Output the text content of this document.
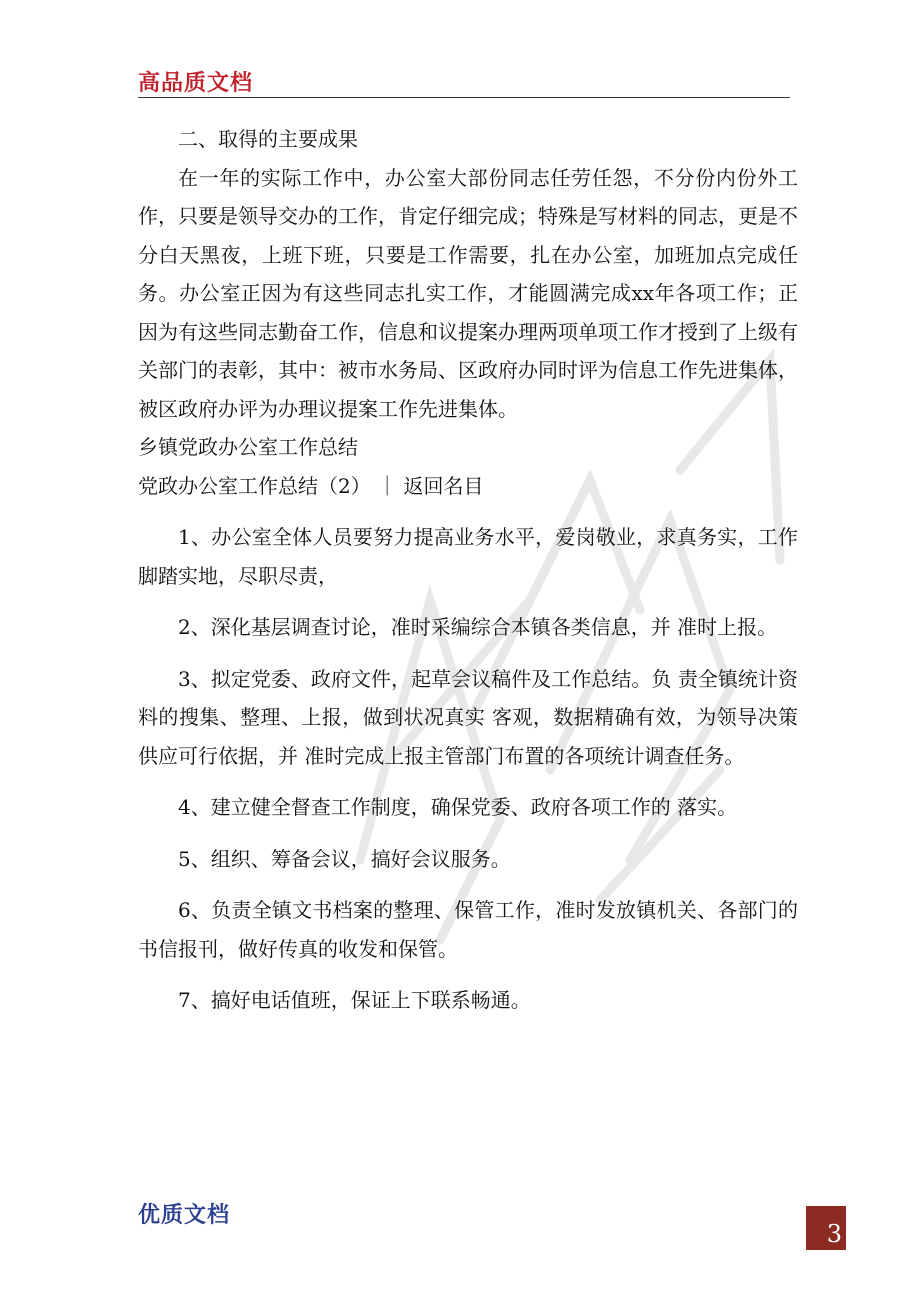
高品质文档

二、取得的主要成果

在一年的实际工作中，办公室大部份同志任劳任怨，不分份内份外工作，只要是领导交办的工作，肯定仔细完成；特殊是写材料的同志，更是不分白天黑夜，上班下班，只要是工作需要，扎在办公室，加班加点完成任务。办公室正因为有这些同志扎实工作，才能圆满完成xx年各项工作；正因为有这些同志勤奋工作，信息和议提案办理两项单项工作才授到了上级有关部门的表彰，其中：被市水务局、区政府办同时评为信息工作先进集体，被区政府办评为办理议提案工作先进集体。

乡镇党政办公室工作总结

党政办公室工作总结（2） ｜ 返回名目

1、办公室全体人员要努力提高业务水平，爱岗敬业，求真务实，工作脚踏实地，尽职尽责，

2、深化基层调查讨论，准时采编综合本镇各类信息，并 准时上报。

3、拟定党委、政府文件，起草会议稿件及工作总结。负 责全镇统计资料的搜集、整理、上报，做到状况真实 客观，数据精确有效，为领导决策供应可行依据，并 准时完成上报主管部门布置的各项统计调查任务。

4、建立健全督查工作制度，确保党委、政府各项工作的 落实。

5、组织、筹备会议，搞好会议服务。

6、负责全镇文书档案的整理、保管工作，准时发放镇机关、各部门的书信报刊，做好传真的收发和保管。

7、搞好电话值班，保证上下联系畅通。

优质文档
3
